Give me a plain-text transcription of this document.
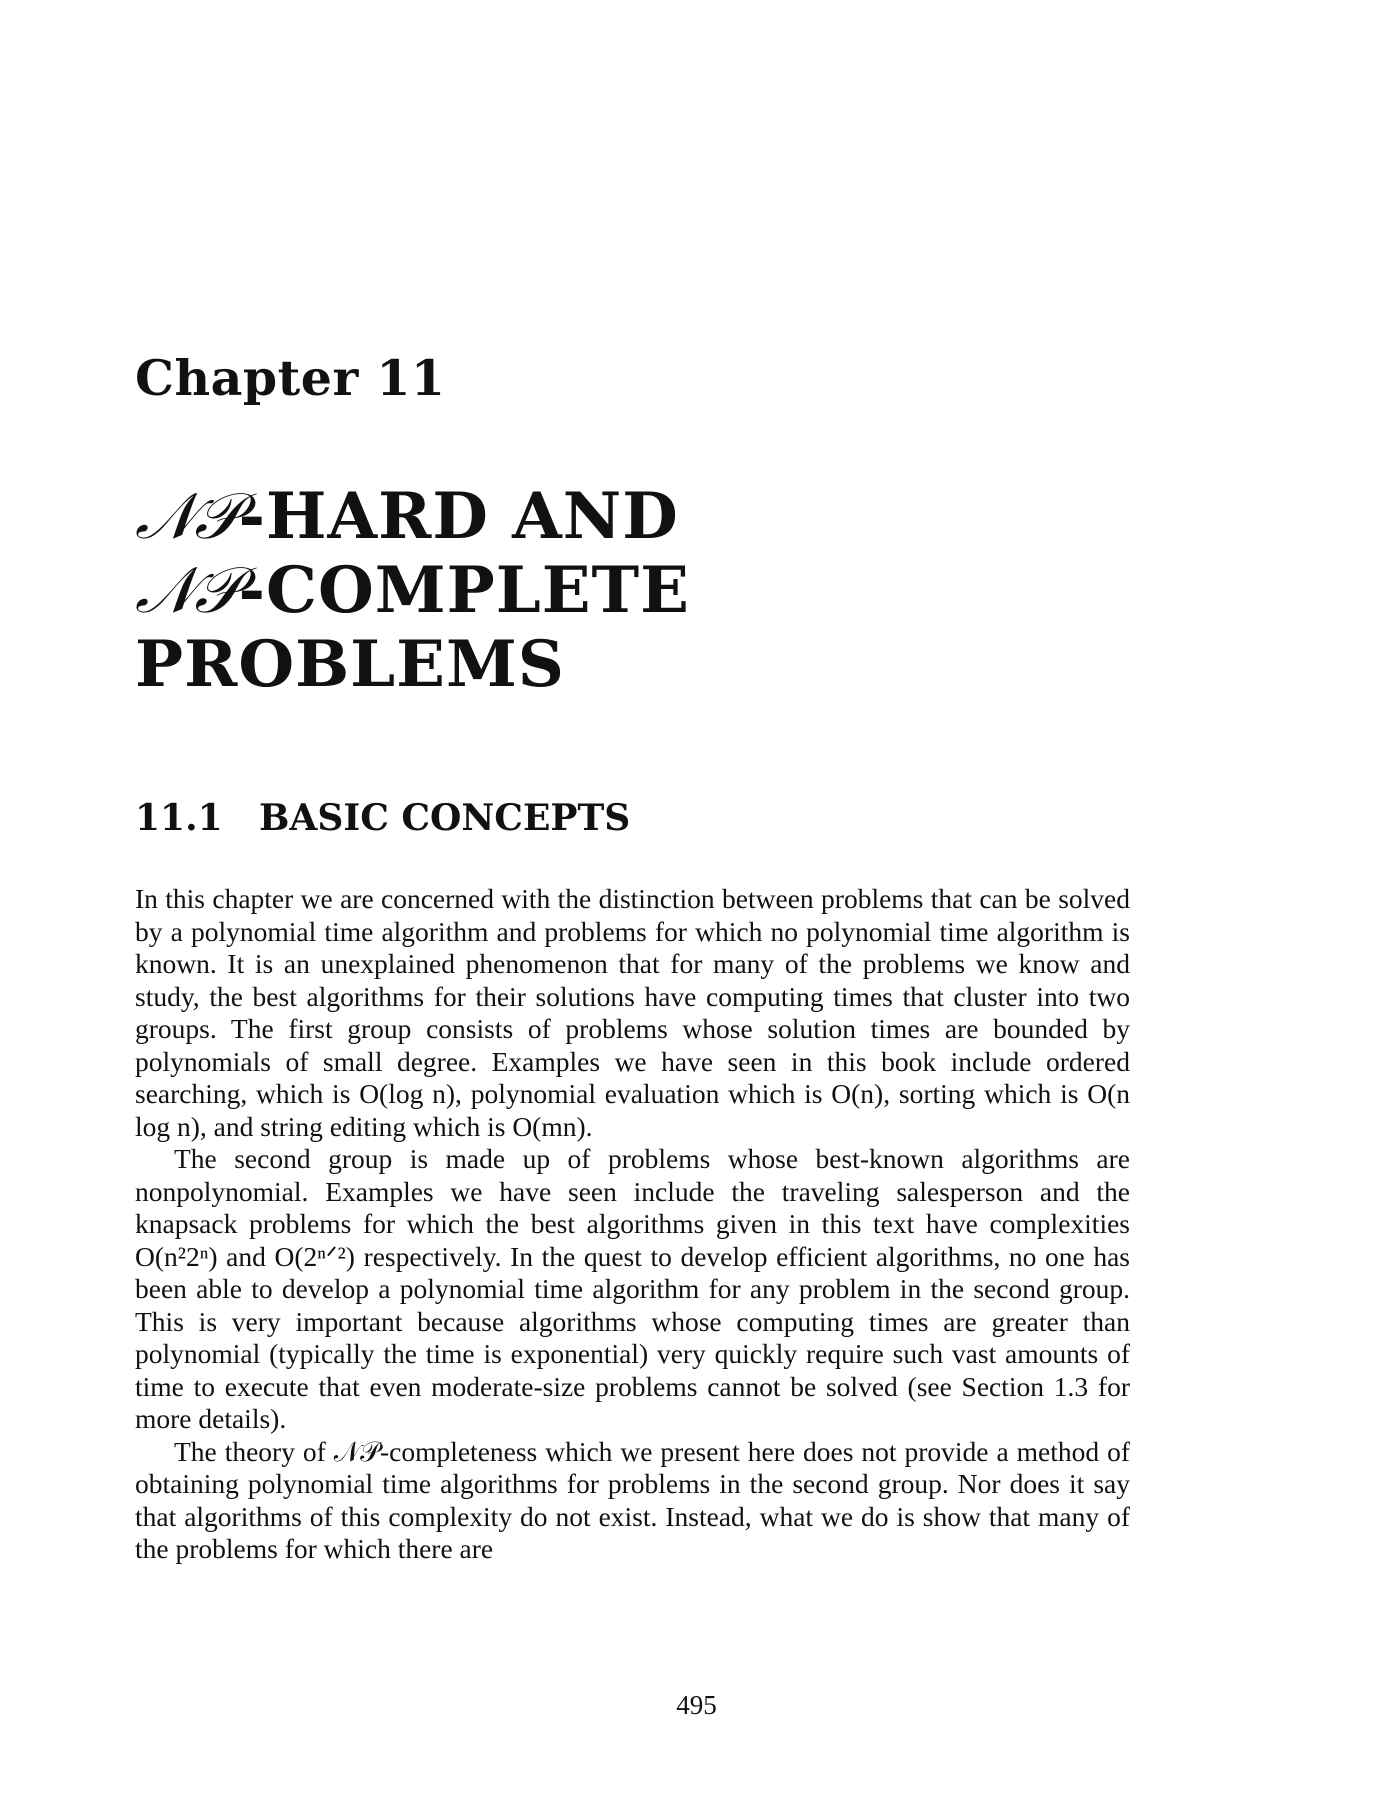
Chapter 11
𝒩𝒫-HARD AND
𝒩𝒫-COMPLETE
PROBLEMS
11.1 BASIC CONCEPTS

In this chapter we are concerned with the distinction between problems that can be solved by a polynomial time algorithm and problems for which no polynomial time algorithm is known. It is an unexplained phenomenon that for many of the problems we know and study, the best algorithms for their solutions have computing times that cluster into two groups. The first group consists of problems whose solution times are bounded by polynomials of small degree. Examples we have seen in this book include ordered searching, which is O(log n), polynomial evaluation which is O(n), sorting which is O(n log n), and string editing which is O(mn).

The second group is made up of problems whose best-known algorithms are nonpolynomial. Examples we have seen include the traveling salesperson and the knapsack problems for which the best algorithms given in this text have complexities O(n²2ⁿ) and O(2ⁿᐟ²) respectively. In the quest to develop efficient algorithms, no one has been able to develop a polynomial time algorithm for any problem in the second group. This is very important because algorithms whose computing times are greater than polynomial (typically the time is exponential) very quickly require such vast amounts of time to execute that even moderate-size problems cannot be solved (see Section 1.3 for more details).

The theory of 𝒩𝒫-completeness which we present here does not provide a method of obtaining polynomial time algorithms for problems in the second group. Nor does it say that algorithms of this complexity do not exist. Instead, what we do is show that many of the problems for which there are

495
